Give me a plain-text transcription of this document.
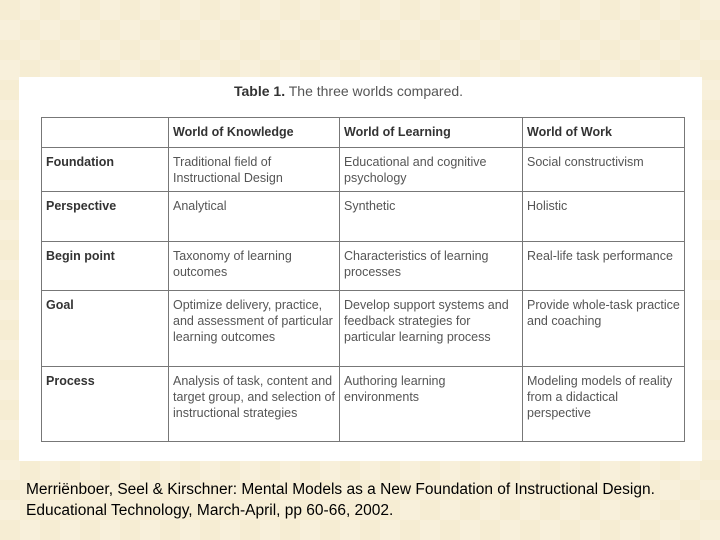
Table 1. The three worlds compared.
	World of Knowledge	World of Learning	World of Work
Foundation	Traditional field of Instructional Design	Educational and cognitive psychology	Social constructivism
Perspective	Analytical	Synthetic	Holistic
Begin point	Taxonomy of learning outcomes	Characteristics of learning processes	Real-life task performance
Goal	Optimize delivery, practice, and assessment of particular learning outcomes	Develop support systems and feedback strategies for particular learning process	Provide whole-task practice and coaching
Process	Analysis of task, content and target group, and selection of instructional strategies	Authoring learning environments	Modeling models of reality from a didactical perspective
Merriënboer, Seel & Kirschner: Mental Models as a New Foundation of Instructional Design. Educational Technology, March-April, pp 60-66, 2002.
